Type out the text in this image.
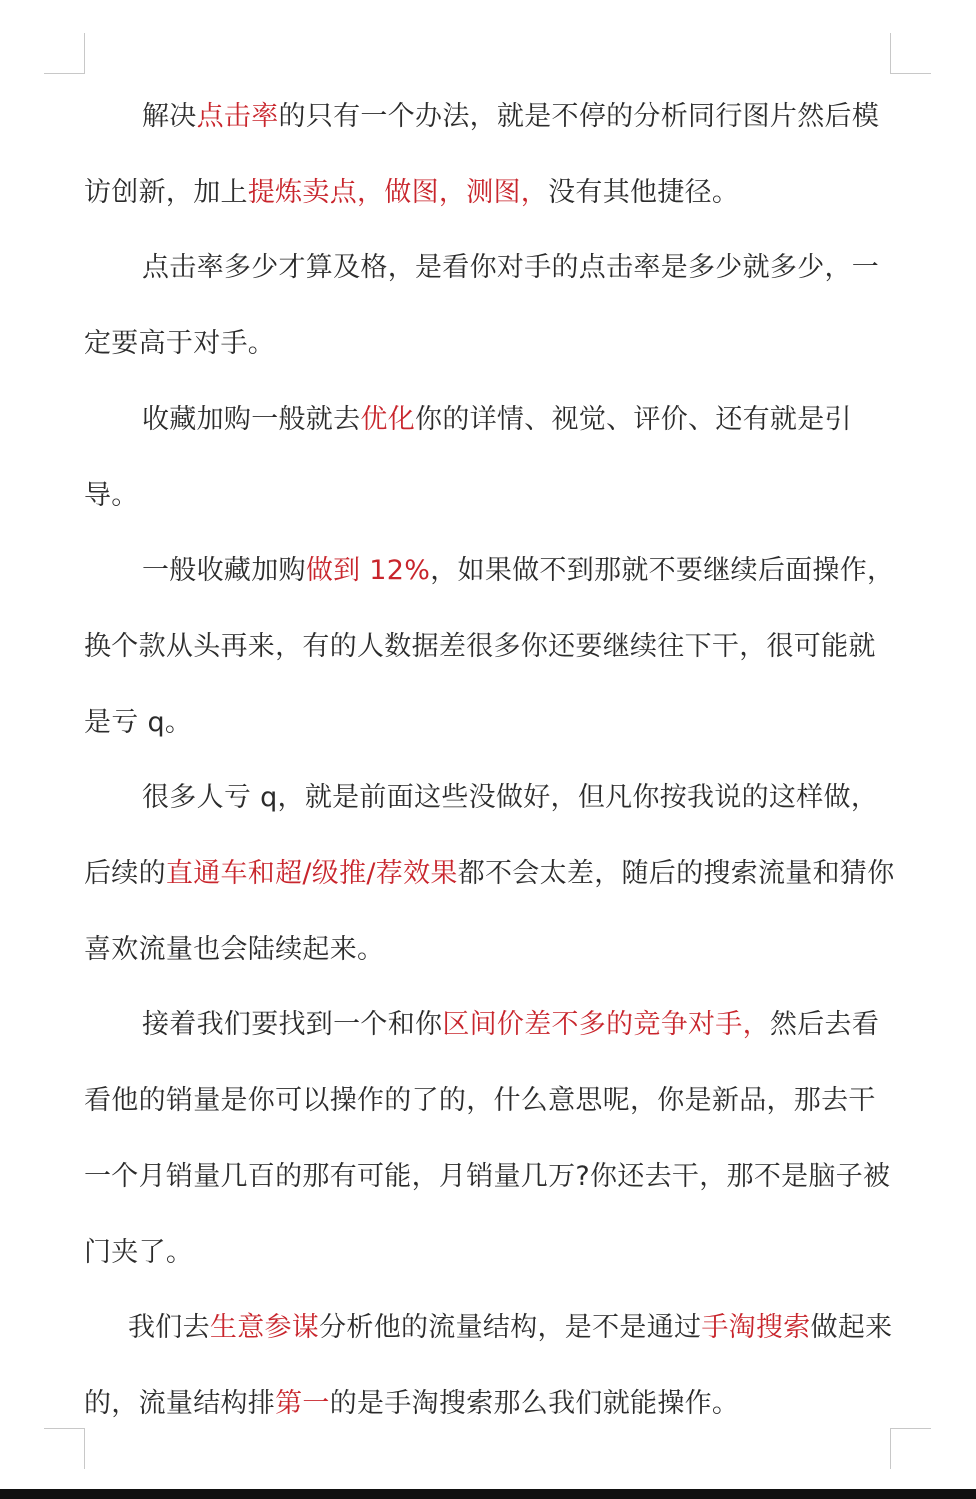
解决点击率的只有一个办法，就是不停的分析同行图片然后模访创新，加上提炼卖点，做图，测图，没有其他捷径。

点击率多少才算及格，是看你对手的点击率是多少就多少，一定要高于对手。

收藏加购一般就去优化你的详情、视觉、评价、还有就是引导。

一般收藏加购做到 12%，如果做不到那就不要继续后面操作，换个款从头再来，有的人数据差很多你还要继续往下干，很可能就是亏 q。

很多人亏 q，就是前面这些没做好，但凡你按我说的这样做，后续的直通车和超/级推/荐效果都不会太差，随后的搜索流量和猜你喜欢流量也会陆续起来。

接着我们要找到一个和你区间价差不多的竞争对手，然后去看看他的销量是你可以操作的了的，什么意思呢，你是新品，那去干一个月销量几百的那有可能，月销量几万?你还去干，那不是脑子被门夹了。

我们去生意参谋分析他的流量结构，是不是通过手淘搜索做起来的，流量结构排第一的是手淘搜索那么我们就能操作。
